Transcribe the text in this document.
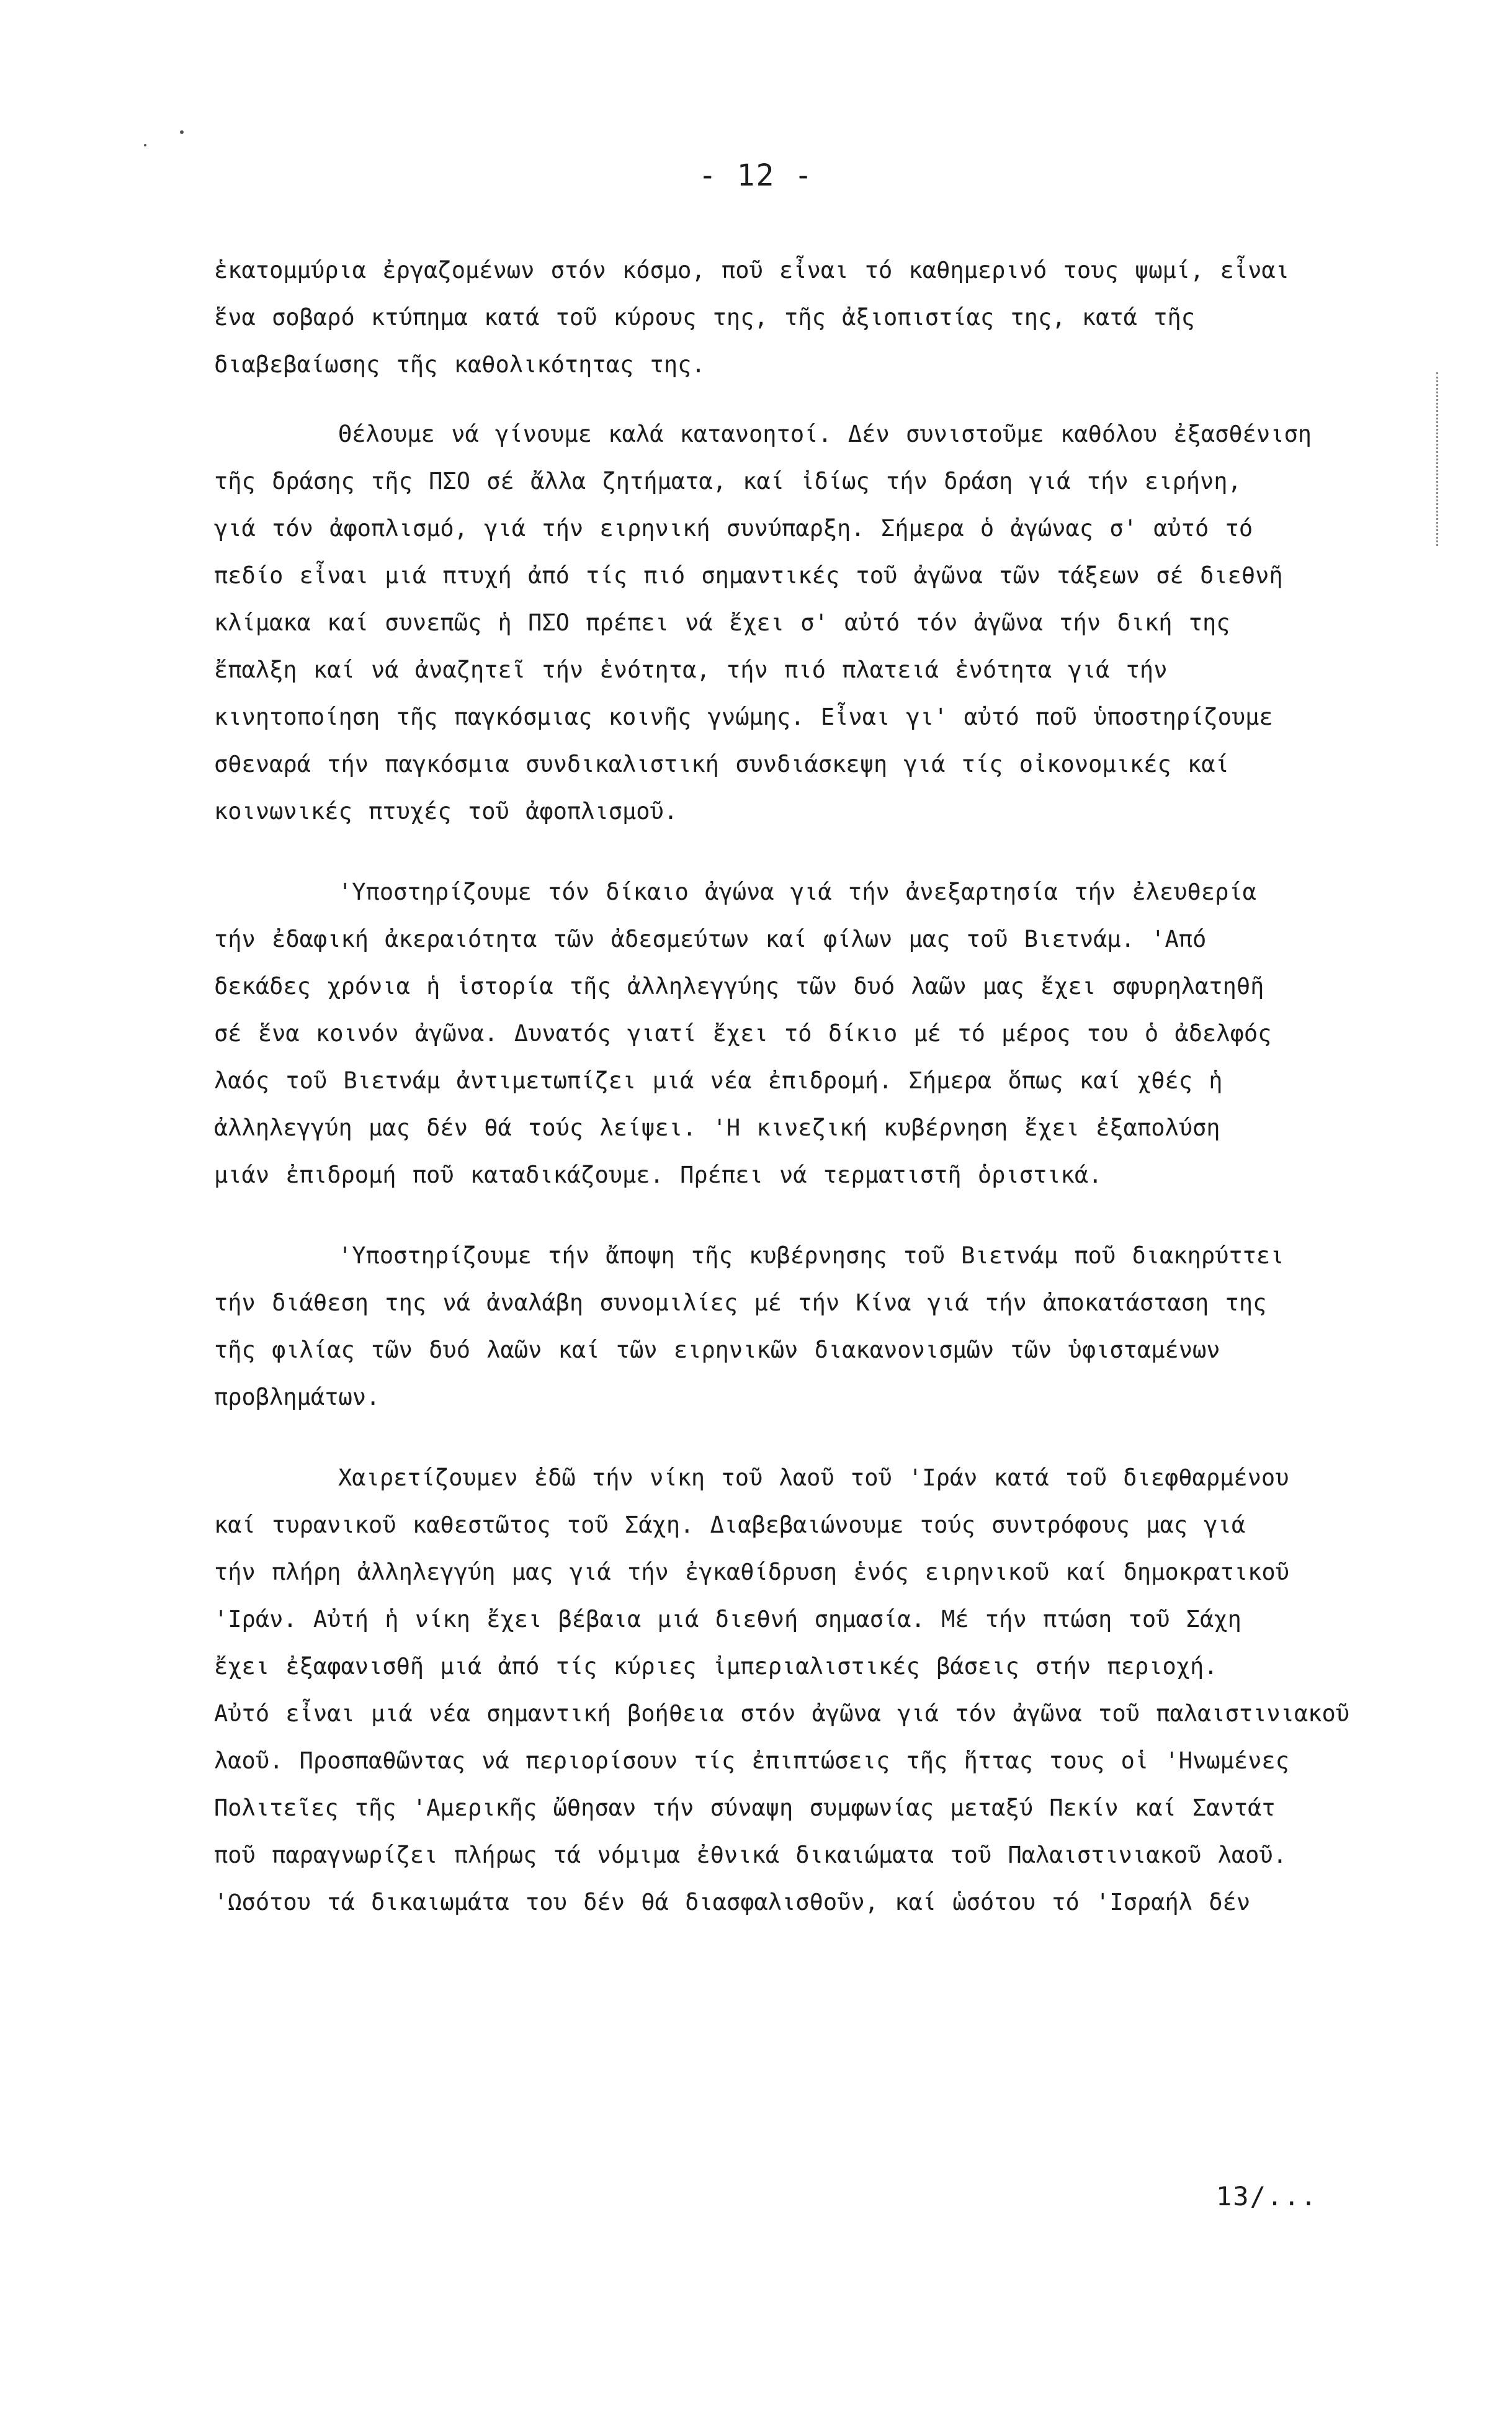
- 12 -
ἑκατομμύρια ἐργαζομένων στόν κόσμο, ποῦ εἶναι τό καθημερινό τους ψωμί, εἶναι
ἕνα σοβαρό κτύπημα κατά τοῦ κύρους της, τῆς ἀξιοπιστίας της, κατά τῆς
διαβεβαίωσης τῆς καθολικότητας της.
Θέλουμε νά γίνουμε καλά κατανοητοί. Δέν συνιστοῦμε καθόλου ἐξασθένιση
τῆς δράσης τῆς ΠΣΟ σέ ἄλλα ζητήματα, καί ἰδίως τήν δράση γιά τήν ειρήνη,
γιά τόν ἀφοπλισμό, γιά τήν ειρηνική συνύπαρξη. Σήμερα ὁ ἀγώνας σ' αὐτό τό
πεδίο εἶναι μιά πτυχή ἀπό τίς πιό σημαντικές τοῦ ἀγῶνα τῶν τάξεων σέ διεθνῆ
κλίμακα καί συνεπῶς ἡ ΠΣΟ πρέπει νά ἔχει σ' αὐτό τόν ἀγῶνα τήν δική της
ἔπαλξη καί νά ἀναζητεῖ τήν ἑνότητα, τήν πιό πλατειά ἑνότητα γιά τήν
κινητοποίηση τῆς παγκόσμιας κοινῆς γνώμης. Εἶναι γι' αὐτό ποῦ ὑποστηρίζουμε
σθεναρά τήν παγκόσμια συνδικαλιστική συνδιάσκεψη γιά τίς οἰκονομικές καί
κοινωνικές πτυχές τοῦ ἀφοπλισμοῦ.
'Υποστηρίζουμε τόν δίκαιο ἀγώνα γιά τήν ἀνεξαρτησία τήν ἐλευθερία
τήν ἐδαφική ἀκεραιότητα τῶν ἀδεσμεύτων καί φίλων μας τοῦ Βιετνάμ. 'Από
δεκάδες χρόνια ἡ ἱστορία τῆς ἀλληλεγγύης τῶν δυό λαῶν μας ἔχει σφυρηλατηθῆ
σέ ἕνα κοινόν ἀγῶνα. Δυνατός γιατί ἔχει τό δίκιο μέ τό μέρος του ὁ ἀδελφός
λαός τοῦ Βιετνάμ ἀντιμετωπίζει μιά νέα ἐπιδρομή. Σήμερα ὅπως καί χθές ἡ
ἀλληλεγγύη μας δέν θά τούς λείψει. 'Η κινεζική κυβέρνηση ἔχει ἐξαπολύση
μιάν ἐπιδρομή ποῦ καταδικάζουμε. Πρέπει νά τερματιστῆ ὁριστικά.
'Υποστηρίζουμε τήν ἄποψη τῆς κυβέρνησης τοῦ Βιετνάμ ποῦ διακηρύττει
τήν διάθεση της νά ἀναλάβη συνομιλίες μέ τήν Κίνα γιά τήν ἀποκατάσταση της
τῆς φιλίας τῶν δυό λαῶν καί τῶν ειρηνικῶν διακανονισμῶν τῶν ὑφισταμένων
προβλημάτων.
Χαιρετίζουμεν ἐδῶ τήν νίκη τοῦ λαοῦ τοῦ 'Ιράν κατά τοῦ διεφθαρμένου
καί τυρανικοῦ καθεστῶτος τοῦ Σάχη. Διαβεβαιώνουμε τούς συντρόφους μας γιά
τήν πλήρη ἀλληλεγγύη μας γιά τήν ἐγκαθίδρυση ἑνός ειρηνικοῦ καί δημοκρατικοῦ
'Ιράν. Αὐτή ἡ νίκη ἔχει βέβαια μιά διεθνή σημασία. Μέ τήν πτώση τοῦ Σάχη
ἔχει ἐξαφανισθῆ μιά ἀπό τίς κύριες ἰμπεριαλιστικές βάσεις στήν περιοχή.
Αὐτό εἶναι μιά νέα σημαντική βοήθεια στόν ἀγῶνα γιά τόν ἀγῶνα τοῦ παλαιστινιακοῦ
λαοῦ. Προσπαθῶντας νά περιορίσουν τίς ἐπιπτώσεις τῆς ἥττας τους οἱ 'Ηνωμένες
Πολιτεῖες τῆς 'Αμερικῆς ὤθησαν τήν σύναψη συμφωνίας μεταξύ Πεκίν καί Σαντάτ
ποῦ παραγνωρίζει πλήρως τά νόμιμα ἐθνικά δικαιώματα τοῦ Παλαιστινιακοῦ λαοῦ.
'Ωσότου τά δικαιωμάτα του δέν θά διασφαλισθοῦν, καί ὡσότου τό 'Ισραήλ δέν
13/...
